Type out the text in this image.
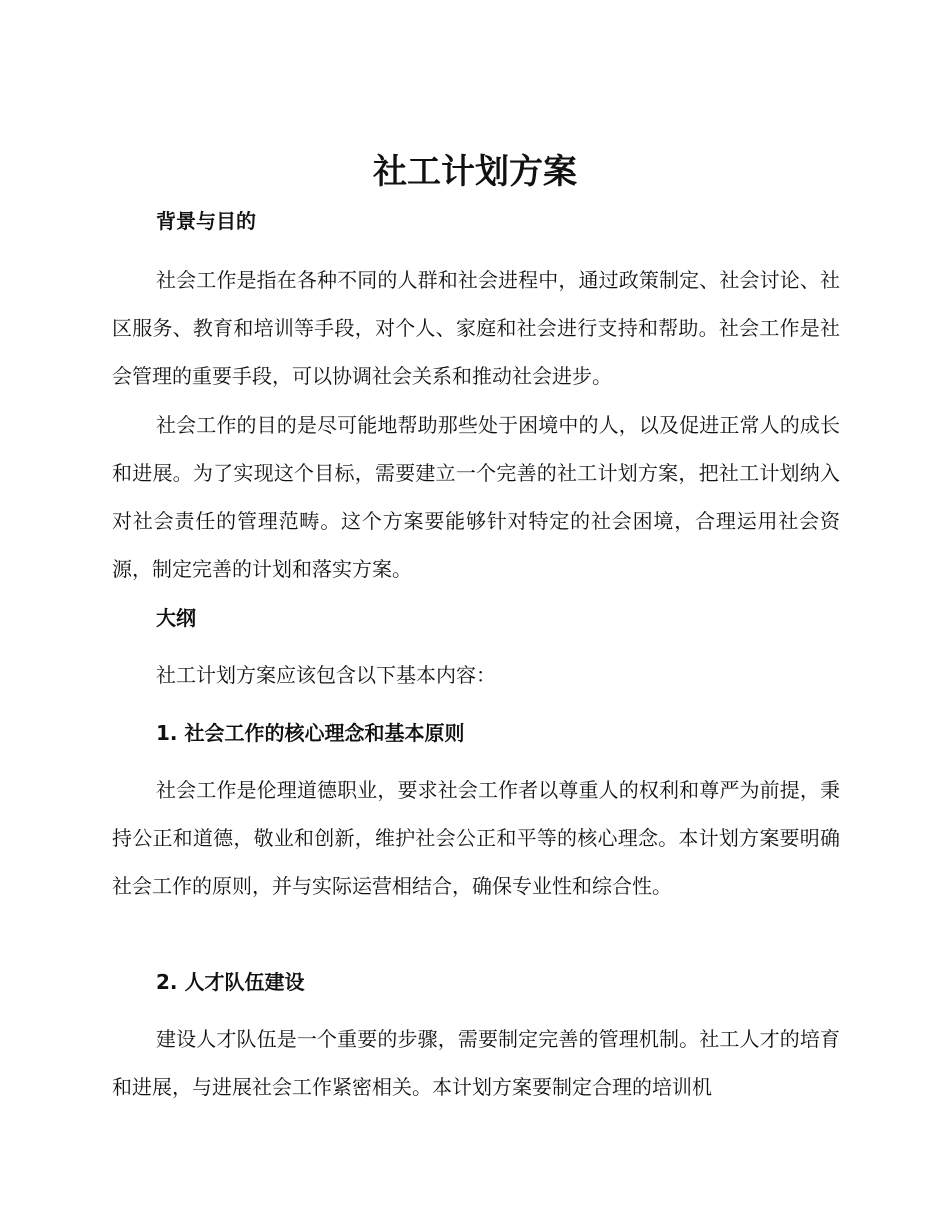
社工计划方案
背景与目的

社会工作是指在各种不同的人群和社会进程中，通过政策制定、社会讨论、社区服务、教育和培训等手段，对个人、家庭和社会进行支持和帮助。社会工作是社会管理的重要手段，可以协调社会关系和推动社会进步。

社会工作的目的是尽可能地帮助那些处于困境中的人，以及促进正常人的成长和进展。为了实现这个目标，需要建立一个完善的社工计划方案，把社工计划纳入对社会责任的管理范畴。这个方案要能够针对特定的社会困境，合理运用社会资源，制定完善的计划和落实方案。

大纲
社工计划方案应该包含以下基本内容：
1. 社会工作的核心理念和基本原则

社会工作是伦理道德职业，要求社会工作者以尊重人的权利和尊严为前提，秉持公正和道德，敬业和创新，维护社会公正和平等的核心理念。本计划方案要明确社会工作的原则，并与实际运营相结合，确保专业性和综合性。

2. 人才队伍建设

建设人才队伍是一个重要的步骤，需要制定完善的管理机制。社工人才的培育和进展，与进展社会工作紧密相关。本计划方案要制定合理的培训机
